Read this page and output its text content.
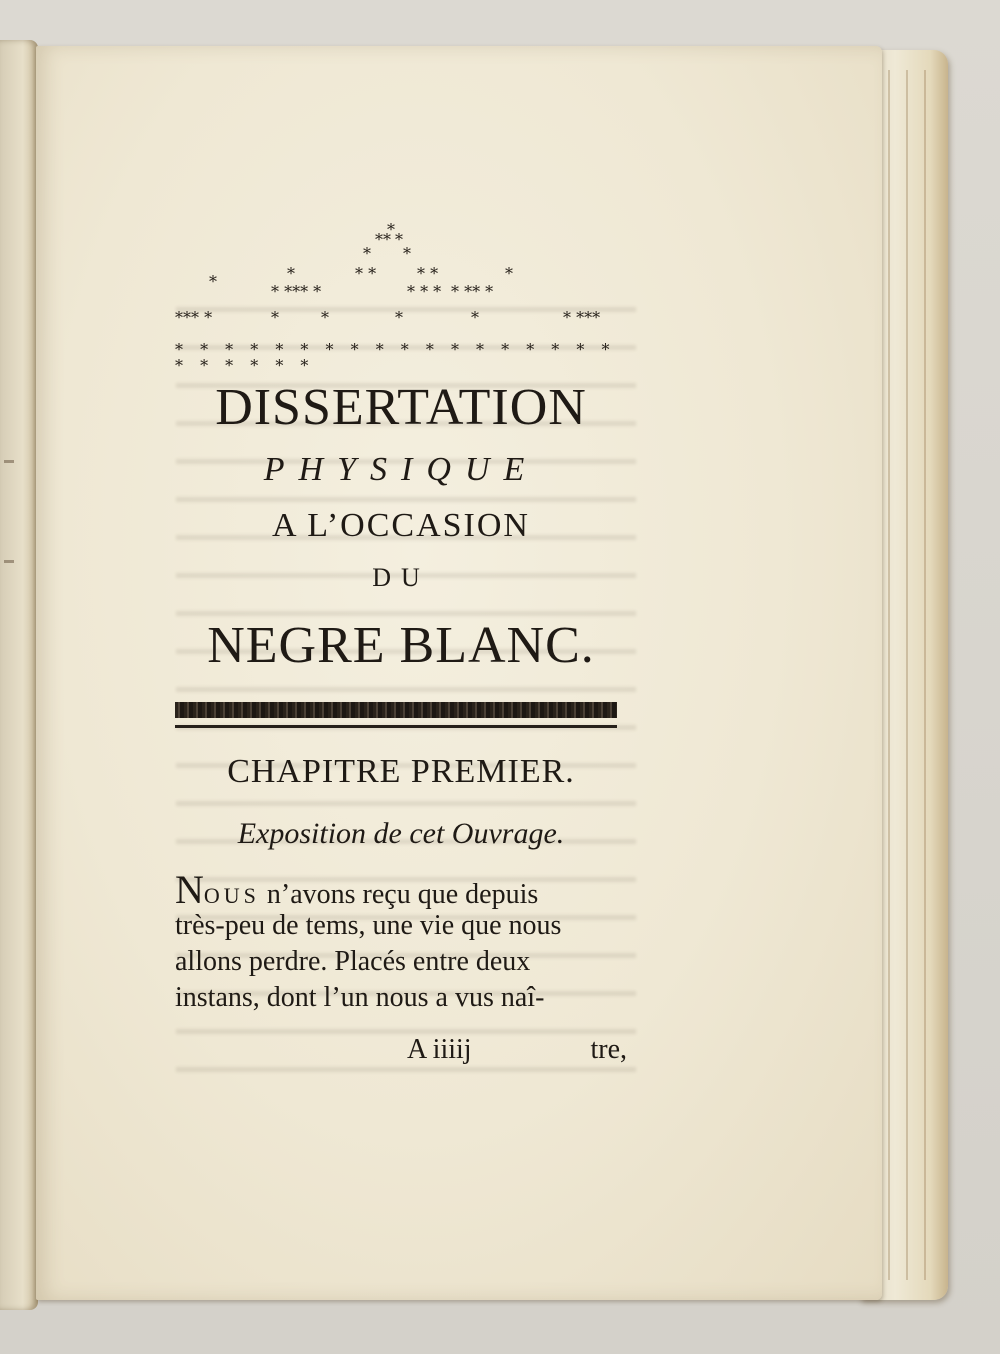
*
** *
* *
*	* *	* *	*
*
* *** *	* * * * ** *
*** *	*	*	*	*	* ***
* * * * * * * * * * * * * * * * * * * * * * * *
DISSERTATION
PHYSIQUE
A L’OCCASION
DU
NEGRE BLANC.
CHAPITRE PREMIER.
Exposition de cet Ouvrage.
NOUS n’avons reçu que depuis
très-peu de tems, une vie que nous
allons perdre. Placés entre deux
instans, dont l’un nous a vus naî-
A iiiij	tre,
